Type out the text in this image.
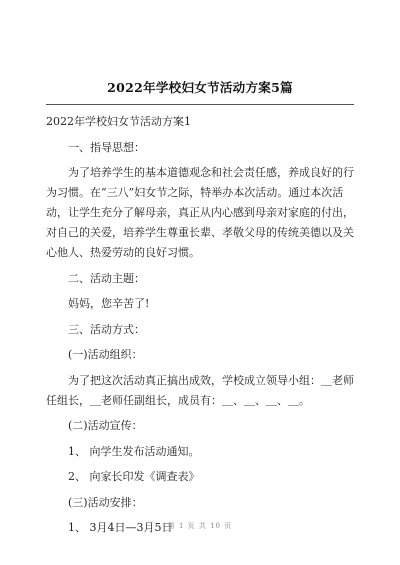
2022年学校妇女节活动方案5篇

2022年学校妇女节活动方案1

一、指导思想：

为了培养学生的基本道德观念和社会责任感，养成良好的行
为习惯。在“三八”妇女节之际，特举办本次活动。通过本次活
动，让学生充分了解母亲，真正从内心感到母亲对家庭的付出，
对自己的关爱，培养学生尊重长辈、孝敬父母的传统美德以及关
心他人、热爱劳动的良好习惯。

二、活动主题：

妈妈，您辛苦了!

三、活动方式：

(一)活动组织：

为了把这次活动真正搞出成效，学校成立领导小组：＿老师
任组长，＿老师任副组长，成员有：＿、＿、＿、＿。

(二)活动宣传：

1、 向学生发布活动通知。

2、 向家长印发《调查表》

(三)活动安排：

1、 3月4日—3月5日

第 1 页 共 10 页
